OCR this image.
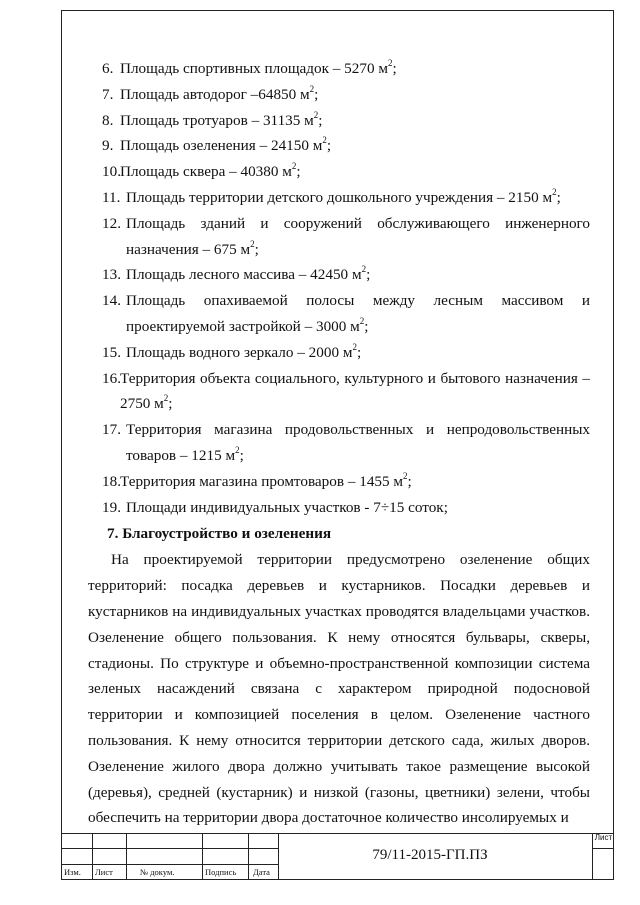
6. Площадь спортивных площадок – 5270 $м^2$;
7. Площадь автодорог –64850 $м^2$;
8. Площадь тротуаров – 31135 $м^2$;
9. Площадь озеленения – 24150 $м^2$;
10. Площадь сквера – 40380 $м^2$;
11. Площадь территории детского дошкольного учреждения – 2150 $м^2$;
12. Площадь зданий и сооружений обслуживающего инженерного назначения – 675 $м^2$;
13. Площадь лесного массива – 42450 $м^2$;
14. Площадь опахиваемой полосы между лесным массивом и проектируемой застройкой – 3000 $м^2$;
15. Площадь водного зеркало – 2000 $м^2$;
16. Территория объекта социального, культурного и бытового назначения – 2750 $м^2$;
17. Территория магазина продовольственных и непродовольственных товаров – 1215 $м^2$;
18. Территория магазина промтоваров – 1455 $м^2$;
19. Площади индивидуальных участков - 7÷15 соток;
7. Благоустройство и озеленения
На проектируемой территории предусмотрено озеленение общих территорий: посадка деревьев и кустарников. Посадки деревьев и кустарников на индивидуальных участках проводятся владельцами участков. Озеленение общего пользования. К нему относятся бульвары, скверы, стадионы. По структуре и объемно-пространственной композиции система зеленых насаждений связана с характером природной подосновой территории и композицией поселения в целом. Озеленение частного пользования. К нему относится территории детского сада, жилых дворов. Озеленение жилого двора должно учитывать такое размещение высокой (деревья), средней (кустарник) и низкой (газоны, цветники) зелени, чтобы обеспечить на территории двора достаточное количество инсолируемых и
79/11-2015-ГП.ПЗ
Лист
Изм. Лист	№ докум.	Подпись Дата
